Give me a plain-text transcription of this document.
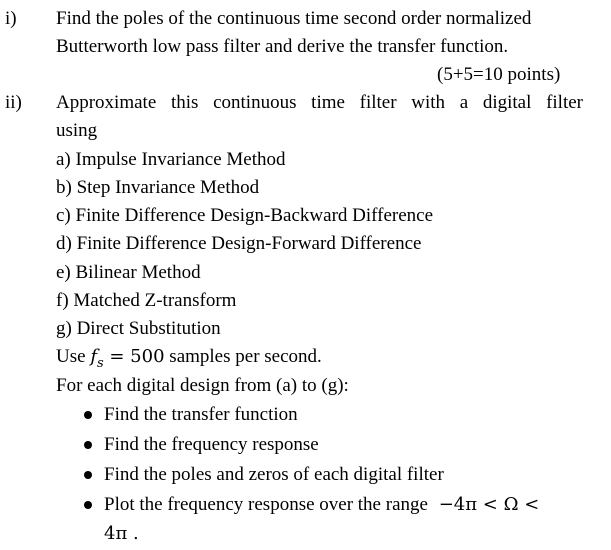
i) Find the poles of the continuous time second order normalized
Butterworth low pass filter and derive the transfer function.
(5+5=10 points)
ii) Approximate this continuous time filter with a digital filter
using
a) Impulse Invariance Method
b) Step Invariance Method
c) Finite Difference Design-Backward Difference
d) Finite Difference Design-Forward Difference
e) Bilinear Method
f) Matched Z-transform
g) Direct Substitution
Use $f_s = 500$ samples per second.
For each digital design from (a) to (g):
Find the transfer function
Find the frequency response
Find the poles and zeros of each digital filter
Plot the frequency response over the range −4π < Ω <
4π .
